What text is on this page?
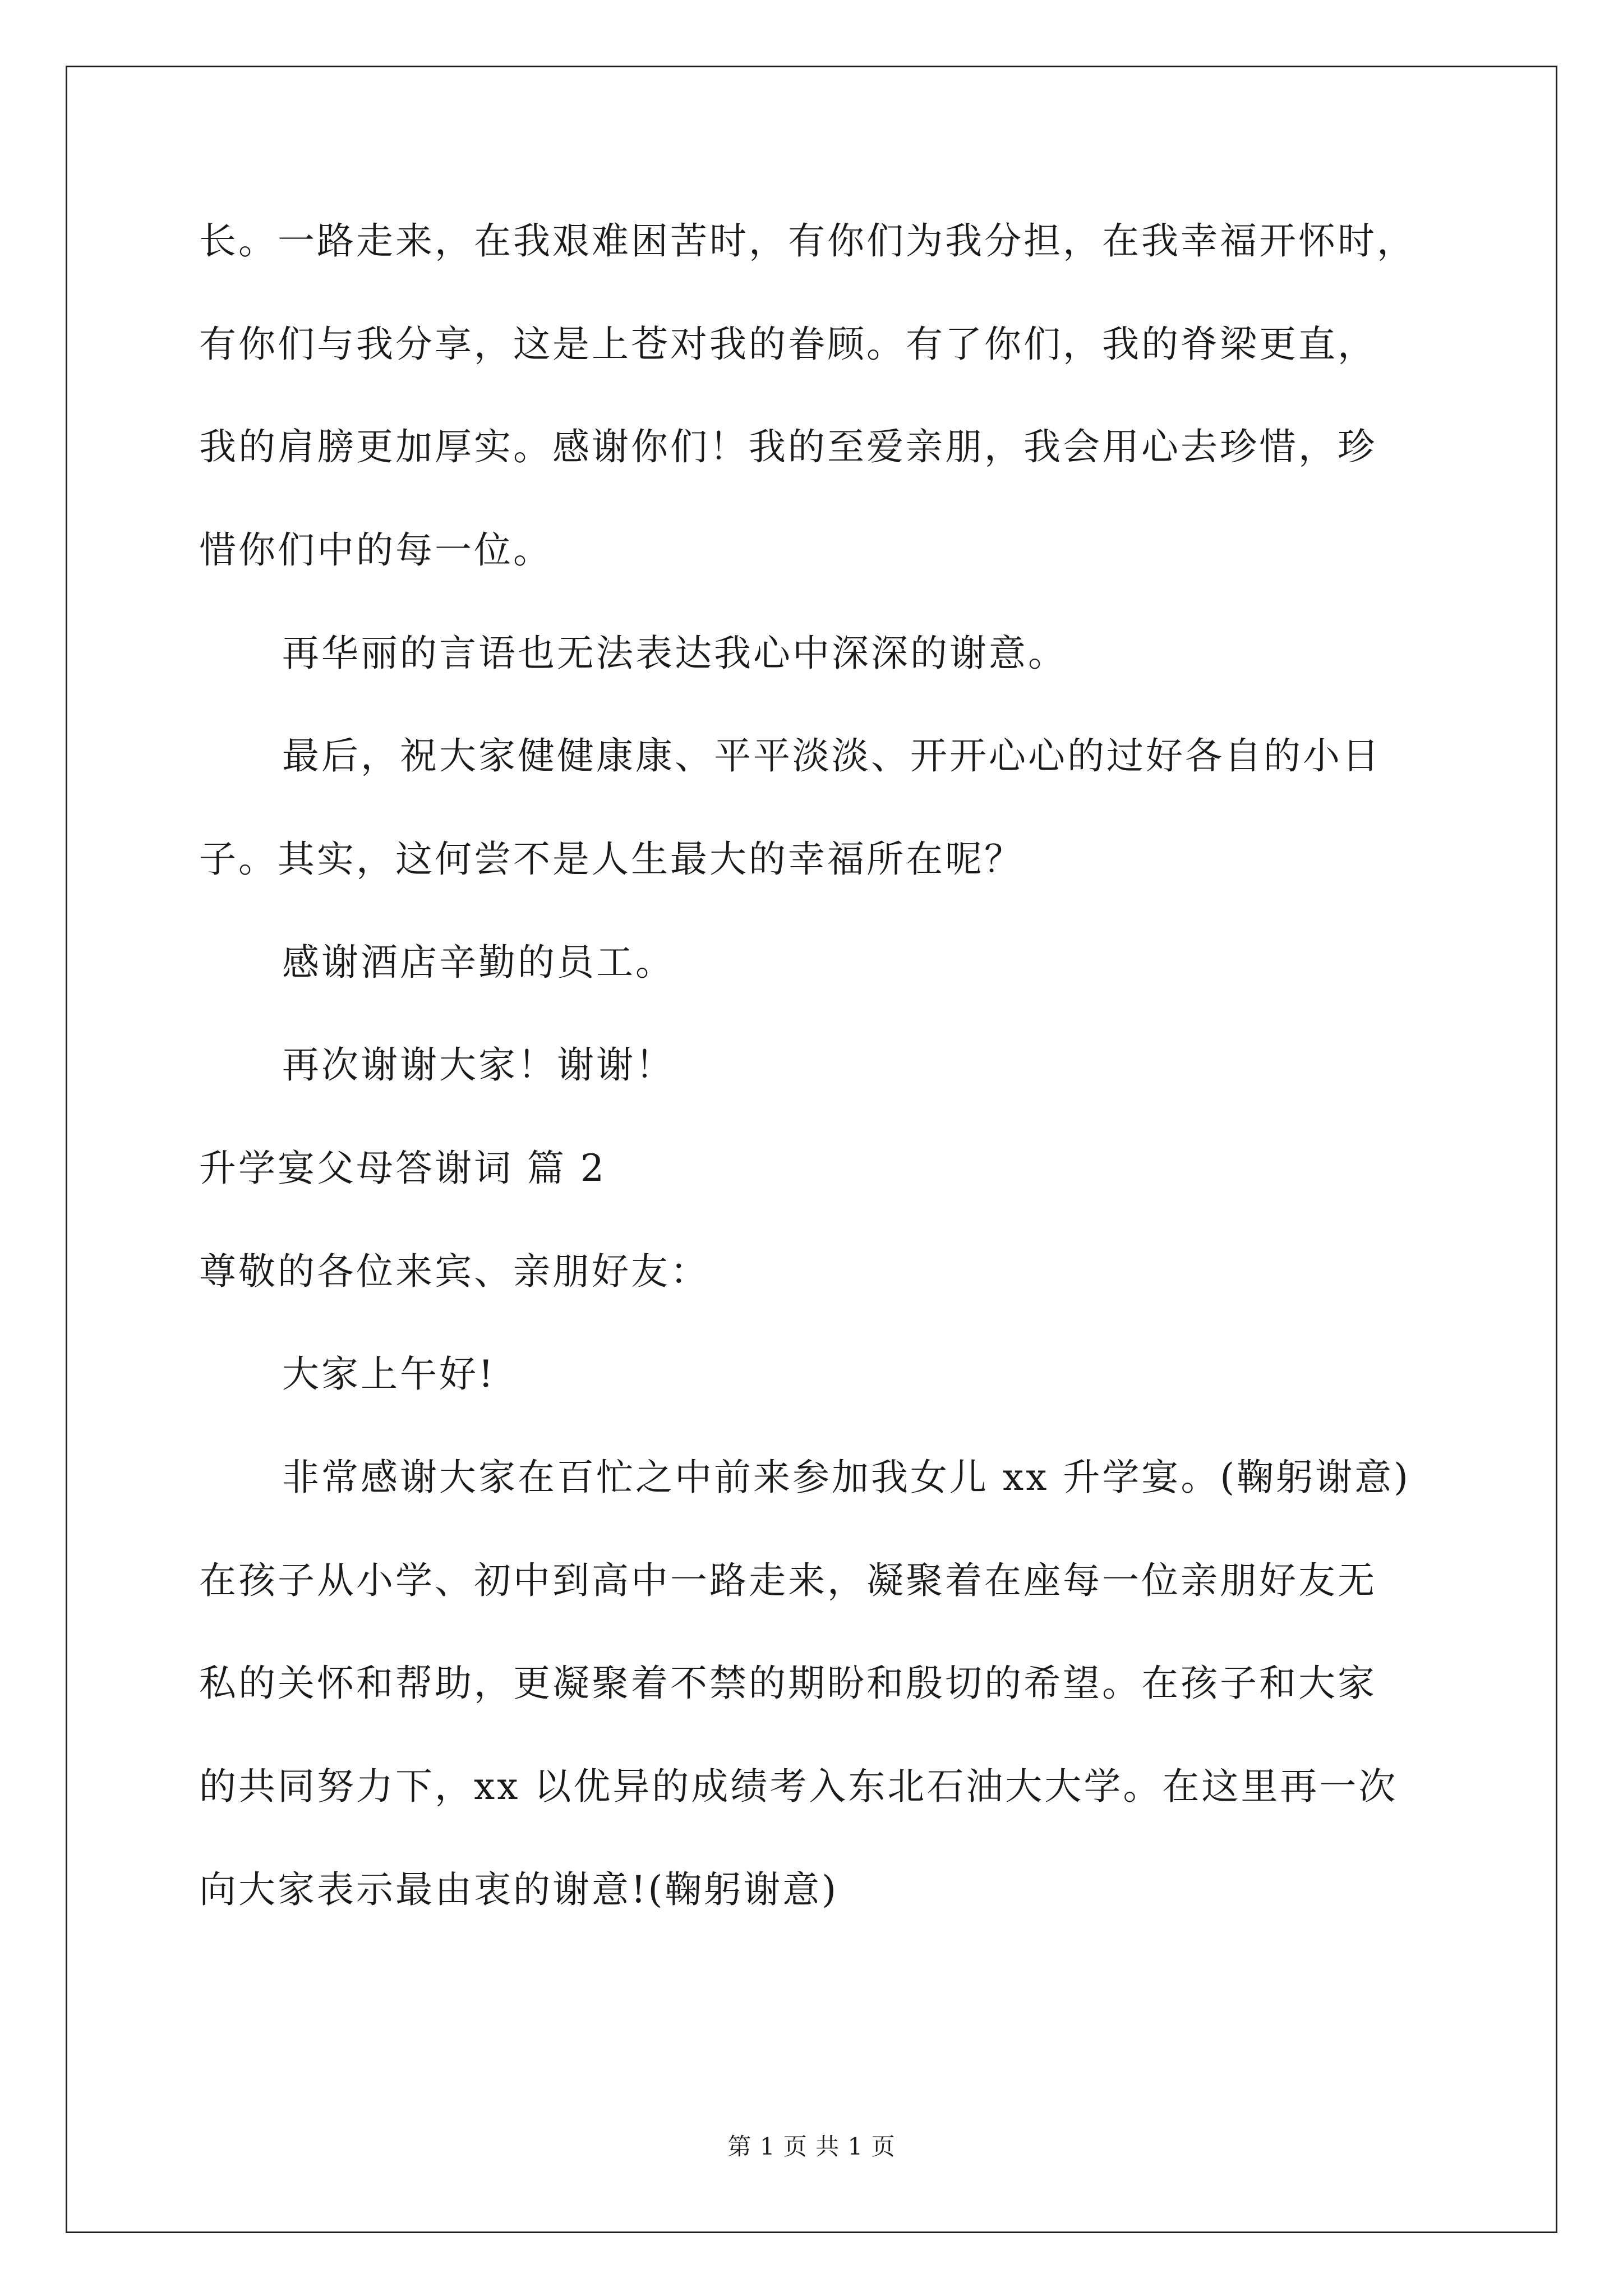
长。一路走来，在我艰难困苦时，有你们为我分担，在我幸福开怀时，
有你们与我分享，这是上苍对我的眷顾。有了你们，我的脊梁更直，
我的肩膀更加厚实。感谢你们！我的至爱亲朋，我会用心去珍惜，珍
惜你们中的每一位。
再华丽的言语也无法表达我心中深深的谢意。
最后，祝大家健健康康、平平淡淡、开开心心的过好各自的小日
子。其实，这何尝不是人生最大的幸福所在呢？
感谢酒店辛勤的员工。
再次谢谢大家！谢谢！
升学宴父母答谢词 篇 2
尊敬的各位来宾、亲朋好友：
大家上午好!
非常感谢大家在百忙之中前来参加我女儿 xx 升学宴。(鞠躬谢意)
在孩子从小学、初中到高中一路走来，凝聚着在座每一位亲朋好友无
私的关怀和帮助，更凝聚着不禁的期盼和殷切的希望。在孩子和大家
的共同努力下，xx 以优异的成绩考入东北石油大大学。在这里再一次
向大家表示最由衷的谢意!(鞠躬谢意)
第 1 页 共 1 页
